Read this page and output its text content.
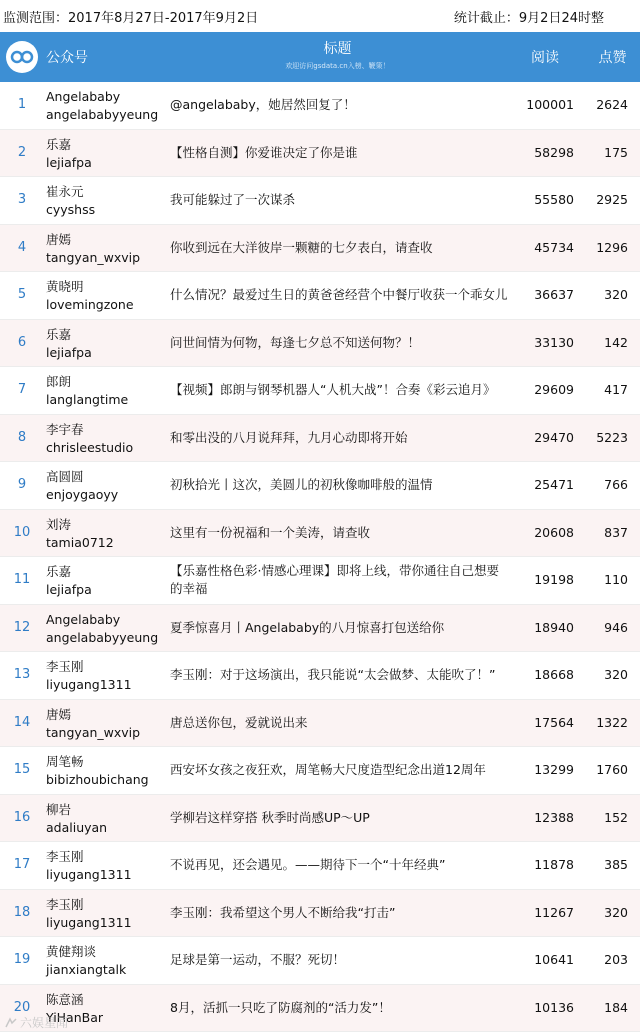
监测范围：2017年8月27日-2017年9月2日	统计截止：9月2日24时整
公众号
标题
欢迎访问gsdata.cn入榜、鞭策！	阅读	点赞
1
Angelababy
angelababyyeung
@angelababy，她居然回复了！	100001	2624
2
乐嘉
lejiafpa
【性格自测】你爱谁决定了你是谁	58298	175
3
崔永元
cyyshss
我可能躲过了一次谋杀	55580	2925
4
唐嫣
tangyan_wxvip
你收到远在大洋彼岸一颗糖的七夕表白，请查收	45734	1296
5
黄晓明
lovemingzone
什么情况？最爱过生日的黄爸爸经营个中餐厅收获一个乖女儿	36637	320
6
乐嘉
lejiafpa
问世间情为何物，每逢七夕总不知送何物？！	33130	142
7
郎朗
langlangtime
【视频】郎朗与钢琴机器人“人机大战”！合奏《彩云追月》	29609	417
8
李宇春
chrisleestudio
和零出没的八月说拜拜，九月心动即将开始	29470	5223
9
高圆圆
enjoygaoyy
初秋拾光丨这次，美圆儿的初秋像咖啡般的温情	25471	766
10
刘涛
tamia0712
这里有一份祝福和一个美涛，请查收	20608	837
11
乐嘉
lejiafpa
【乐嘉性格色彩·情感心理课】即将上线，带你通往自己想要的幸福
19198	110
12
Angelababy
angelababyyeung
夏季惊喜月丨Angelababy的八月惊喜打包送给你	18940	946
13
李玉刚
liyugang1311
李玉刚：对于这场演出，我只能说“太会做梦、太能吹了！”	18668	320
14
唐嫣
tangyan_wxvip
唐总送你包，爱就说出来	17564	1322
15
周笔畅
bibizhoubichang
西安坏女孩之夜狂欢，周笔畅大尺度造型纪念出道12周年	13299	1760
16
柳岩
adaliuyan
学柳岩这样穿搭 秋季时尚感UP～UP	12388	152
17
李玉刚
liyugang1311
不说再见，还会遇见。——期待下一个“十年经典”	11878	385
18
李玉刚
liyugang1311
李玉刚：我希望这个男人不断给我“打击”	11267	320
19
黄健翔谈
jianxiangtalk
足球是第一运动，不服？死切！	10641	203
20
陈意涵
YiHanBar
8月，活抓一只吃了防腐剂的“活力发”！	10136	184
六娱星闻
